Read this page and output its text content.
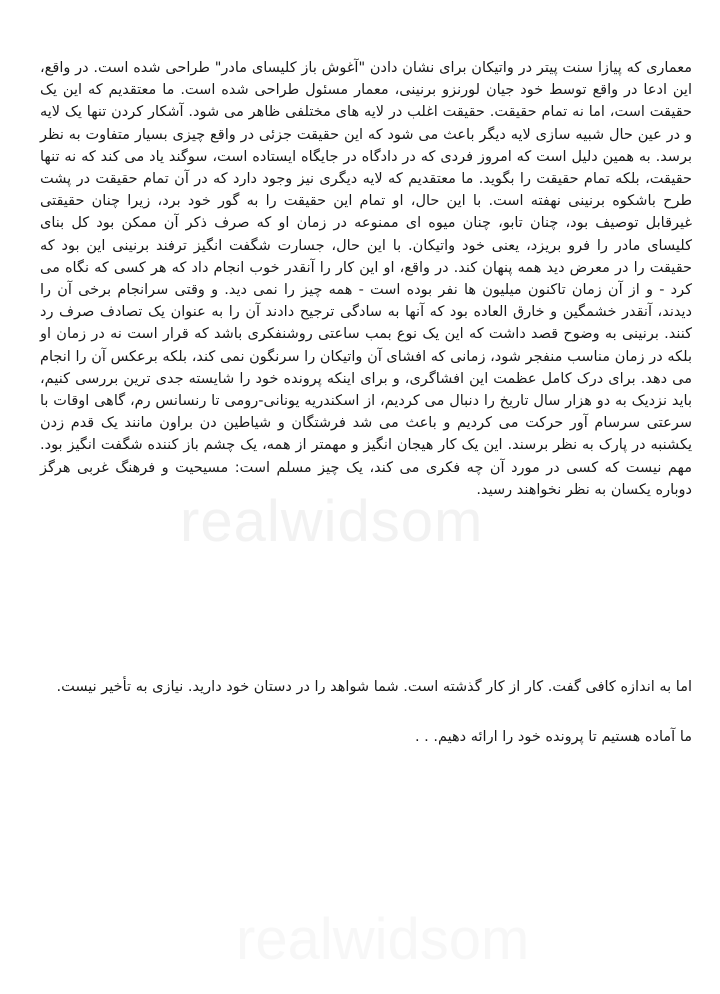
realwidsom
realwidsom

معماری که پیازا سنت پیتر در واتیکان برای نشان دادن "آغوش باز کلیسای مادر" طراحی شده است. در واقع، این ادعا در واقع توسط خود جیان لورنزو برنینی، معمار مسئول طراحی شده است. ما معتقدیم که این یک حقیقت است، اما نه تمام حقیقت. حقیقت اغلب در لایه های مختلفی ظاهر می شود. آشکار کردن تنها یک لایه و در عین حال شبیه سازی لایه دیگر باعث می شود که این حقیقت جزئی در واقع چیزی بسیار متفاوت به نظر برسد. به همین دلیل است که امروز فردی که در دادگاه در جایگاه ایستاده است، سوگند یاد می کند که نه تنها حقیقت، بلکه تمام حقیقت را بگوید. ما معتقدیم که لایه دیگری نیز وجود دارد که در آن تمام حقیقت در پشت طرح باشکوه برنینی نهفته است. با این حال، او تمام این حقیقت را به گور خود برد، زیرا چنان حقیقتی غیرقابل توصیف بود، چنان تابو، چنان میوه ای ممنوعه در زمان او که صرف ذکر آن ممکن بود کل بنای کلیسای مادر را فرو بریزد، یعنی خود واتیکان. با این حال، جسارت شگفت انگیز ترفند برنینی این بود که حقیقت را در معرض دید همه پنهان کند. در واقع، او این کار را آنقدر خوب انجام داد که هر کسی که نگاه می کرد - و از آن زمان تاکنون میلیون ها نفر بوده است - همه چیز را نمی دید. و وقتی سرانجام برخی آن را دیدند، آنقدر خشمگین و خارق العاده بود که آنها به سادگی ترجیح دادند آن را به عنوان یک تصادف صرف رد کنند. برنینی به وضوح قصد داشت که این یک نوع بمب ساعتی روشنفکری باشد که قرار است نه در زمان او بلکه در زمان مناسب منفجر شود، زمانی که افشای آن واتیکان را سرنگون نمی کند، بلکه برعکس آن را انجام می دهد. برای درک کامل عظمت این افشاگری، و برای اینکه پرونده خود را شایسته جدی ترین بررسی کنیم، باید نزدیک به دو هزار سال تاریخ را دنبال می کردیم، از اسکندریه یونانی-رومی تا رنسانس رم، گاهی اوقات با سرعتی سرسام آور حرکت می کردیم و باعث می شد فرشتگان و شیاطین دن براون مانند یک قدم زدن یکشنبه در پارک به نظر برسند. این یک کار هیجان انگیز و مهمتر از همه، یک چشم باز کننده شگفت انگیز بود. مهم نیست که کسی در مورد آن چه فکری می کند، یک چیز مسلم است: مسیحیت و فرهنگ غربی هرگز دوباره یکسان به نظر نخواهند رسید.

اما به اندازه کافی گفت. کار از کار گذشته است. شما شواهد را در دستان خود دارید. نیازی به تأخیر نیست.

ما آماده هستیم تا پرونده خود را ارائه دهیم. . .
